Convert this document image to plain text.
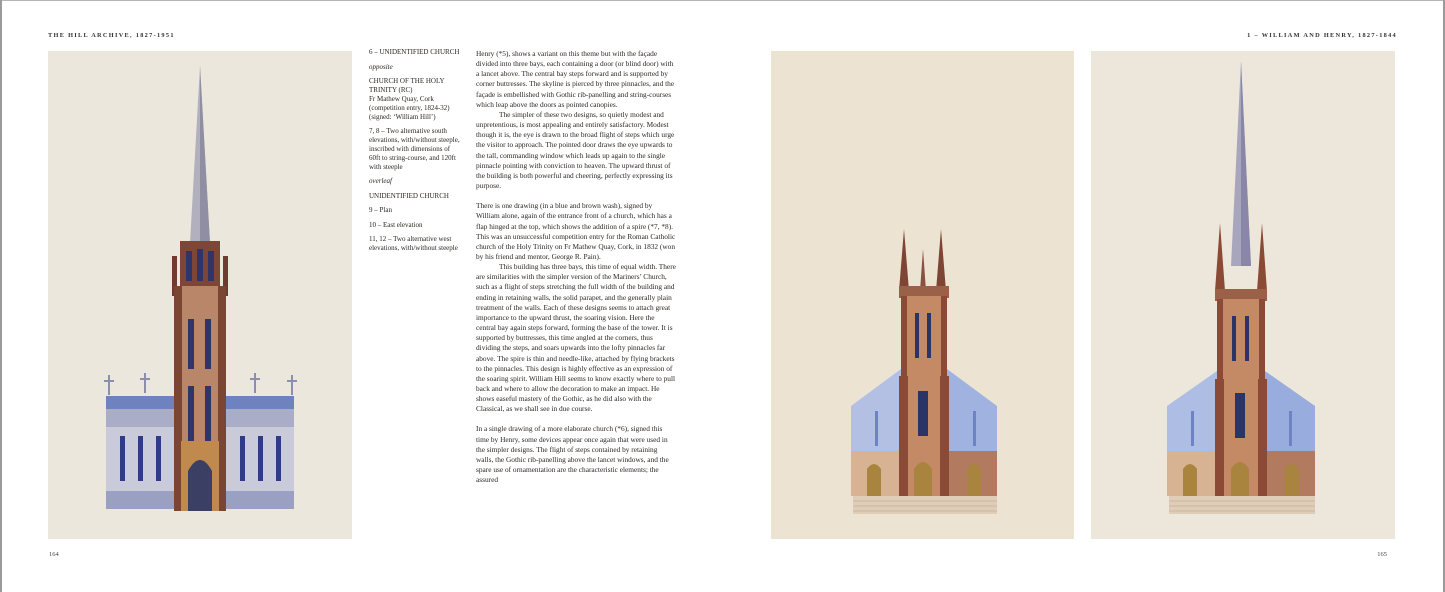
THE HILL ARCHIVE, 1827-1951	1 – WILLIAM AND HENRY, 1827-1844

6 – UNIDENTIFIED CHURCH

opposite

CHURCH OF THE HOLY TRINITY (RC)
Fr Mathew Quay, Cork
(competition entry, 1824-32)
(signed: ‘William Hill’)

7, 8 – Two alternative south elevations, with/without steeple, inscribed with dimensions of 60ft to string-course, and 120ft with steeple

overleaf

UNIDENTIFIED CHURCH

9 – Plan

10 – East elevation

11, 12 – Two alternative west elevations, with/without steeple

Henry (*5), shows a variant on this theme but with the façade divided into three bays, each containing a door (or blind door) with a lancet above. The central bay steps forward and is supported by corner buttresses. The skyline is pierced by three pinnacles, and the façade is embellished with Gothic rib-panelling and string-courses which leap above the doors as pointed canopies.

The simpler of these two designs, so quietly modest and unpretentious, is most appealing and entirely satisfactory. Modest though it is, the eye is drawn to the broad flight of steps which urge the visitor to approach. The pointed door draws the eye upwards to the tall, commanding window which leads up again to the single pinnacle pointing with conviction to heaven. The upward thrust of the building is both powerful and cheering, perfectly expressing its purpose.

There is one drawing (in a blue and brown wash), signed by William alone, again of the entrance front of a church, which has a flap hinged at the top, which shows the addition of a spire (*7, *8). This was an unsuccessful competition entry for the Roman Catholic church of the Holy Trinity on Fr Mathew Quay, Cork, in 1832 (won by his friend and mentor, George R. Pain).

This building has three bays, this time of equal width. There are similarities with the simpler version of the Mariners’ Church, such as a flight of steps stretching the full width of the building and ending in retaining walls, the solid parapet, and the generally plain treatment of the walls. Each of these designs seems to attach great importance to the upward thrust, the soaring vision. Here the central bay again steps forward, forming the base of the tower. It is supported by buttresses, this time angled at the corners, thus dividing the steps, and soars upwards into the lofty pinnacles far above. The spire is thin and needle-like, attached by flying brackets to the pinnacles. This design is highly effective as an expression of the soaring spirit. William Hill seems to know exactly where to pull back and where to allow the decoration to make an impact. He shows easeful mastery of the Gothic, as he did also with the Classical, as we shall see in due course.

In a single drawing of a more elaborate church (*6), signed this time by Henry, some devices appear once again that were used in the simpler designs. The flight of steps contained by retaining walls, the Gothic rib-panelling above the lancet windows, and the spare use of ornamentation are the characteristic elements; the assured

164	165
